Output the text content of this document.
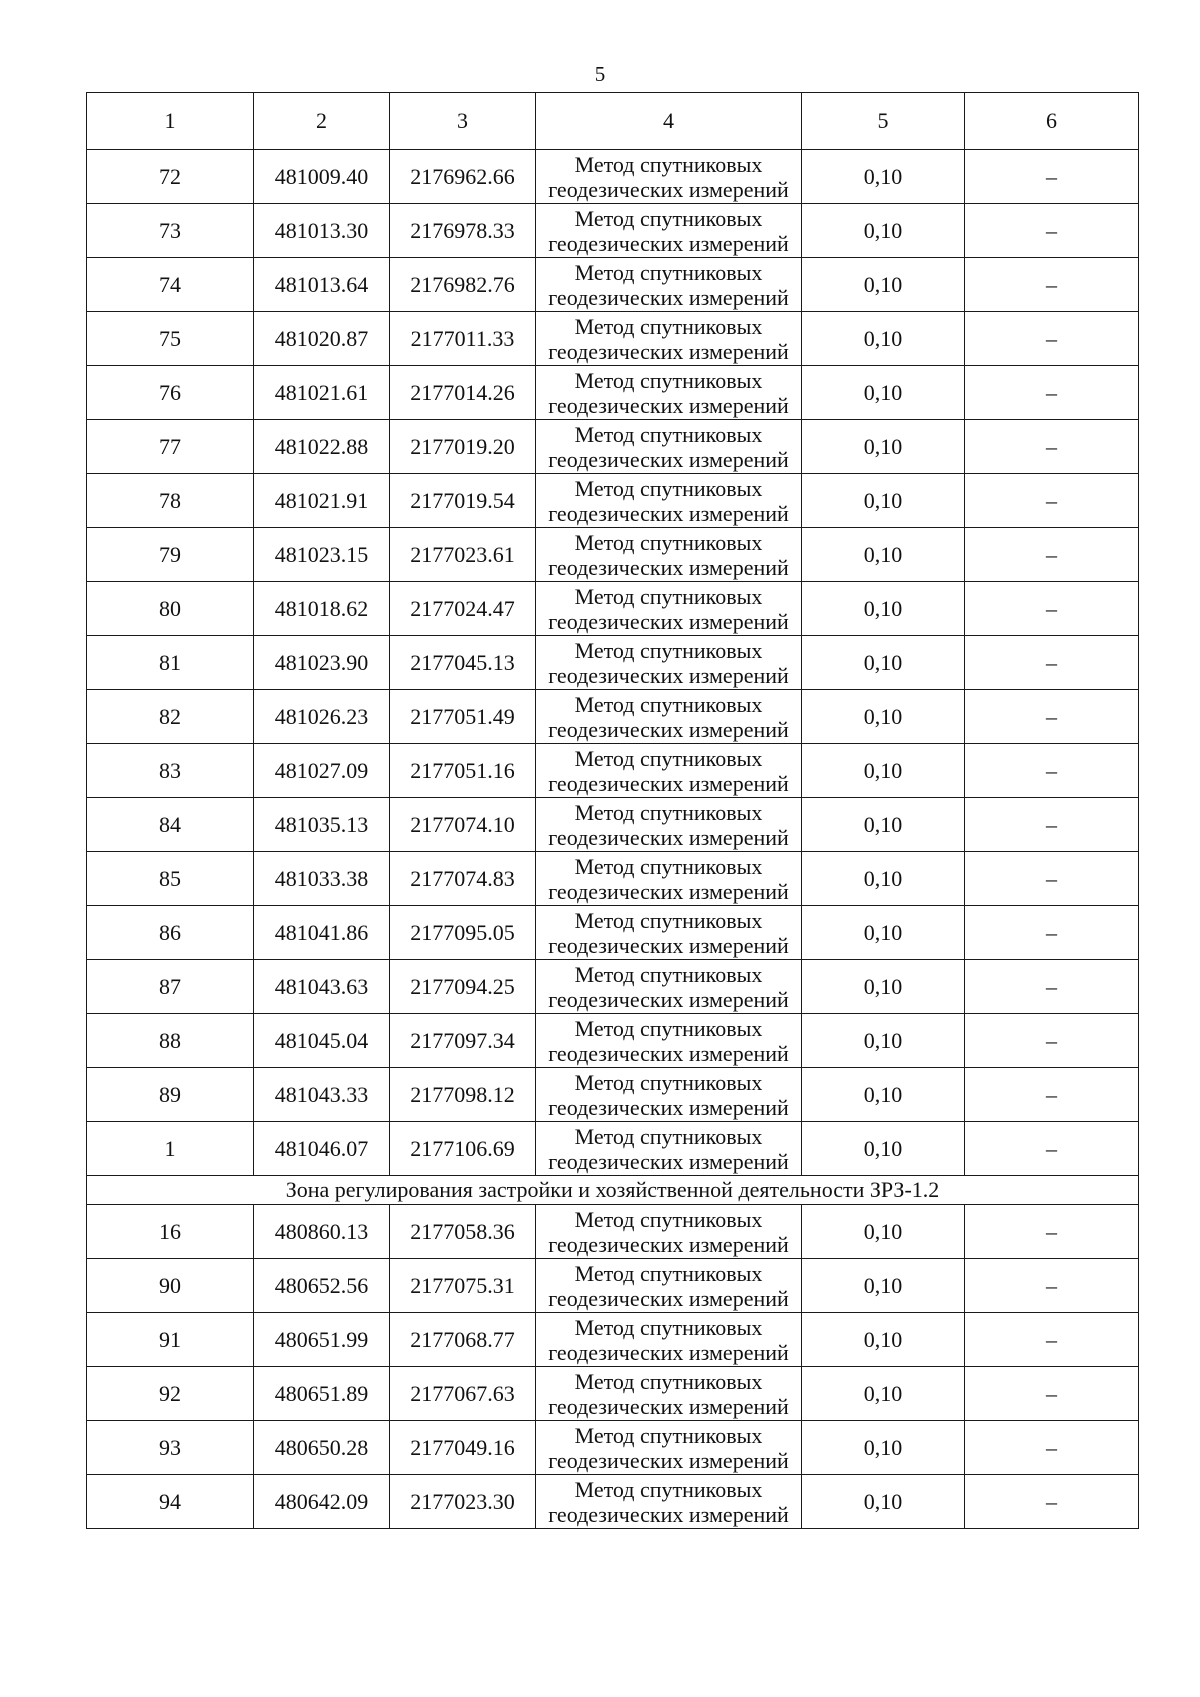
5
1	2	3	4	5	6
72	481009.40	2176962.66	Метод спутниковых
геодезических измерений	0,10	–
73	481013.30	2176978.33	Метод спутниковых
геодезических измерений	0,10	–
74	481013.64	2176982.76	Метод спутниковых
геодезических измерений	0,10	–
75	481020.87	2177011.33	Метод спутниковых
геодезических измерений	0,10	–
76	481021.61	2177014.26	Метод спутниковых
геодезических измерений	0,10	–
77	481022.88	2177019.20	Метод спутниковых
геодезических измерений	0,10	–
78	481021.91	2177019.54	Метод спутниковых
геодезических измерений	0,10	–
79	481023.15	2177023.61	Метод спутниковых
геодезических измерений	0,10	–
80	481018.62	2177024.47	Метод спутниковых
геодезических измерений	0,10	–
81	481023.90	2177045.13	Метод спутниковых
геодезических измерений	0,10	–
82	481026.23	2177051.49	Метод спутниковых
геодезических измерений	0,10	–
83	481027.09	2177051.16	Метод спутниковых
геодезических измерений	0,10	–
84	481035.13	2177074.10	Метод спутниковых
геодезических измерений	0,10	–
85	481033.38	2177074.83	Метод спутниковых
геодезических измерений	0,10	–
86	481041.86	2177095.05	Метод спутниковых
геодезических измерений	0,10	–
87	481043.63	2177094.25	Метод спутниковых
геодезических измерений	0,10	–
88	481045.04	2177097.34	Метод спутниковых
геодезических измерений	0,10	–
89	481043.33	2177098.12	Метод спутниковых
геодезических измерений	0,10	–
1	481046.07	2177106.69	Метод спутниковых
геодезических измерений	0,10	–
Зона регулирования застройки и хозяйственной деятельности ЗРЗ-1.2					
16	480860.13	2177058.36	Метод спутниковых
геодезических измерений	0,10	–
90	480652.56	2177075.31	Метод спутниковых
геодезических измерений	0,10	–
91	480651.99	2177068.77	Метод спутниковых
геодезических измерений	0,10	–
92	480651.89	2177067.63	Метод спутниковых
геодезических измерений	0,10	–
93	480650.28	2177049.16	Метод спутниковых
геодезических измерений	0,10	–
94	480642.09	2177023.30	Метод спутниковых
геодезических измерений	0,10	–
